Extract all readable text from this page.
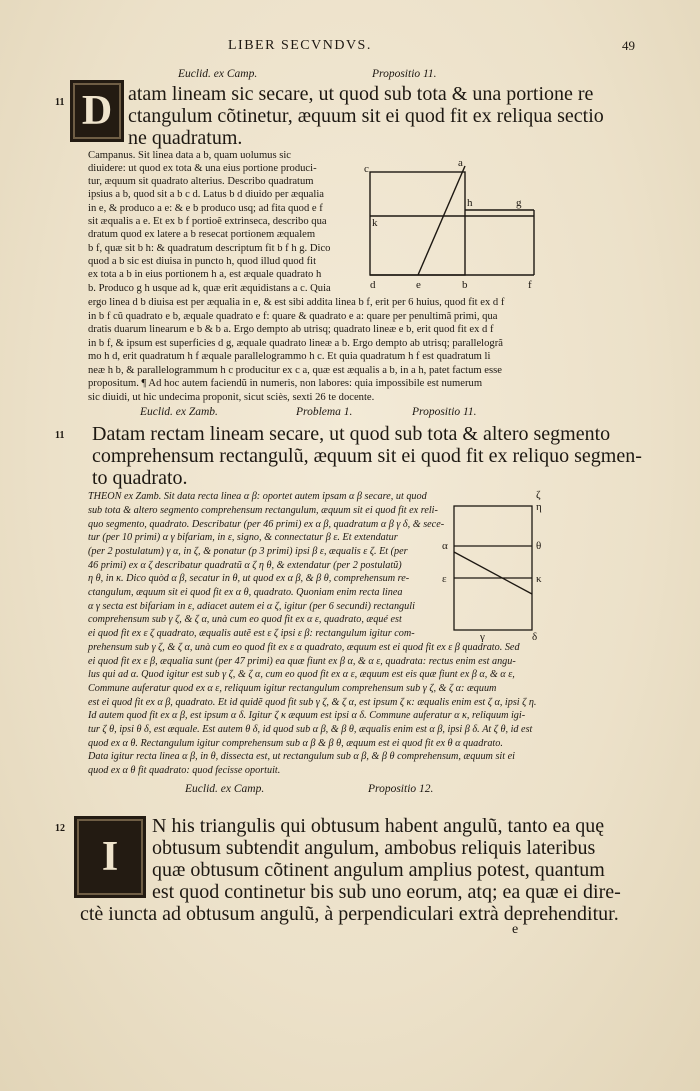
LIBER SECVNDVS.	49
Euclid. ex Camp.	Propositio 11.
11 D atam lineam sic secare, ut quod sub tota & una portione re
ctangulum cõtinetur, æquum sit ei quod fit ex reliqua sectio
ne quadratum.
Campanus. Sit linea data a b, quam uolumus sic
diuidere: ut quod ex tota & una eius portione produci-
tur, æquum sit quadrato alterius. Describo quadratum
ipsius a b, quod sit a b c d. Latus b d diuido per æqualia
in e, & produco a e: & e b produco usq; ad fita quod e f
sit æqualis a e. Et ex b f portioẽ extrinseca, describo qua
dratum quod ex latere a b resecat portionem æqualem
b f, quæ sit b h: & quadratum descriptum fit b f h g. Dico
quod a b sic est diuisa in puncto h, quod illud quod fit
ex tota a b in eius portionem h a, est æquale quadrato h
b. Produco g h usque ad k, quæ erit æquidistans a c. Quia
ergo linea d b diuisa est per æqualia in e, & est sibi addita linea b f, erit per 6 huius, quod fit ex d f
in b f cũ quadrato e b, æquale quadrato e f: quare & quadrato e a: quare per penultimã primi, qua
dratis duarum linearum e b & b a. Ergo dempto ab utrisq; quadrato lineæ e b, erit quod fit ex d f
in b f, & ipsum est superficies d g, æquale quadrato lineæ a b. Ergo dempto ab utrisq; parallelogrã
mo h d, erit quadratum h f æquale parallelogrammo h c. Et quia quadratum h f est quadratum li
neæ h b, & parallelogrammum h c producitur ex c a, quæ est æqualis a b, in a h, patet factum esse
propositum. ¶ Ad hoc autem faciendũ in numeris, non labores: quia impossibile est numerum
sic diuidi, ut hic undecima proponit, sicut sciès, sexti 26 te docente.
c	a
h	g
k
d	e	b	f
Euclid. ex Zamb.	Problema 1.	Propositio 11.
11 Datam rectam lineam secare, ut quod sub tota & altero segmento
comprehensum rectangulũ, æquum sit ei quod fit ex reliquo segmen-
to quadrato.
THEON ex Zamb. Sit data recta linea α β: oportet autem ipsam α β secare, ut quod
sub tota & altero segmento comprehensum rectangulum, æquum sit ei quod fit ex reli-
quo segmento, quadrato. Describatur (per 46 primi) ex α β, quadratum α β γ δ, & sece-
tur (per 10 primi) α γ bifariam, in ε, signo, & connectatur β ε. Et extendatur
(per 2 postulatum) γ α, in ζ, & ponatur (p 3 primi) ipsi β ε, æqualis ε ζ. Et (per
46 primi) ex α ζ describatur quadratũ α ζ η θ, & extendatur (per 2 postulatũ)
η θ, in κ. Dico quòd α β, secatur in θ, ut quod ex α β, & β θ, comprehensum re-
ctangulum, æquum sit ei quod fit ex α θ, quadrato. Quoniam enim recta linea
α γ secta est bifariam in ε, adiacet autem ei α ζ, igitur (per 6 secundi) rectanguli
comprehensum sub γ ζ, & ζ α, unà cum eo quod fit ex α ε, quadrato, æqué est
ei quod fit ex ε ζ quadrato, æqualis autẽ est ε ζ ipsi ε β: rectangulum igitur com-
prehensum sub γ ζ, & ζ α, unà cum eo quod fit ex ε α quadrato, æquum est ei quod fit ex ε β quadrato. Sed
ei quod fit ex ε β, æqualia sunt (per 47 primi) ea quæ fiunt ex β α, & α ε, quadrata: rectus enim est angu-
lus qui ad α. Quod igitur est sub γ ζ, & ζ α, cum eo quod fit ex α ε, æquum est eis quæ fiunt ex β α, & α ε,
Commune auferatur quod ex α ε, reliquum igitur rectangulum comprehensum sub γ ζ, & ζ α: æquum
est ei quod fit ex α β, quadrato. Et id quidẽ quod fit sub γ ζ, & ζ α, est ipsum ζ κ: æqualis enim est ζ α, ipsi ζ η.
Id autem quod fit ex α β, est ipsum α δ. Igitur ζ κ æquum est ipsi α δ. Commune auferatur α κ, reliquum igi-
tur ζ θ, ipsi θ δ, est æquale. Est autem θ δ, id quod sub α β, & β θ, æqualis enim est α β, ipsi β δ. At ζ θ, id est
quod ex α θ. Rectangulum igitur comprehensum sub α β & β θ, æquum est ei quod fit ex θ α quadrato.
Data igitur recta linea α β, in θ, dissecta est, ut rectangulum sub α β, & β θ comprehensum, æquum sit ei
quod ex α θ fit quadrato: quod fecisse oportuit.
ζ
η
α	θ
ε	κ
γ	δ
Euclid. ex Camp.	Propositio 12.
12
I
N his triangulis qui obtusum habent angulũ, tanto ea quę
obtusum subtendit angulum, ambobus reliquis lateribus
quæ obtusum cõtinent angulum amplius potest, quantum
est quod continetur bis sub uno eorum, atq; ea quæ ei dire-
ctè iuncta ad obtusum angulũ, à perpendiculari extrà deprehenditur.
e
